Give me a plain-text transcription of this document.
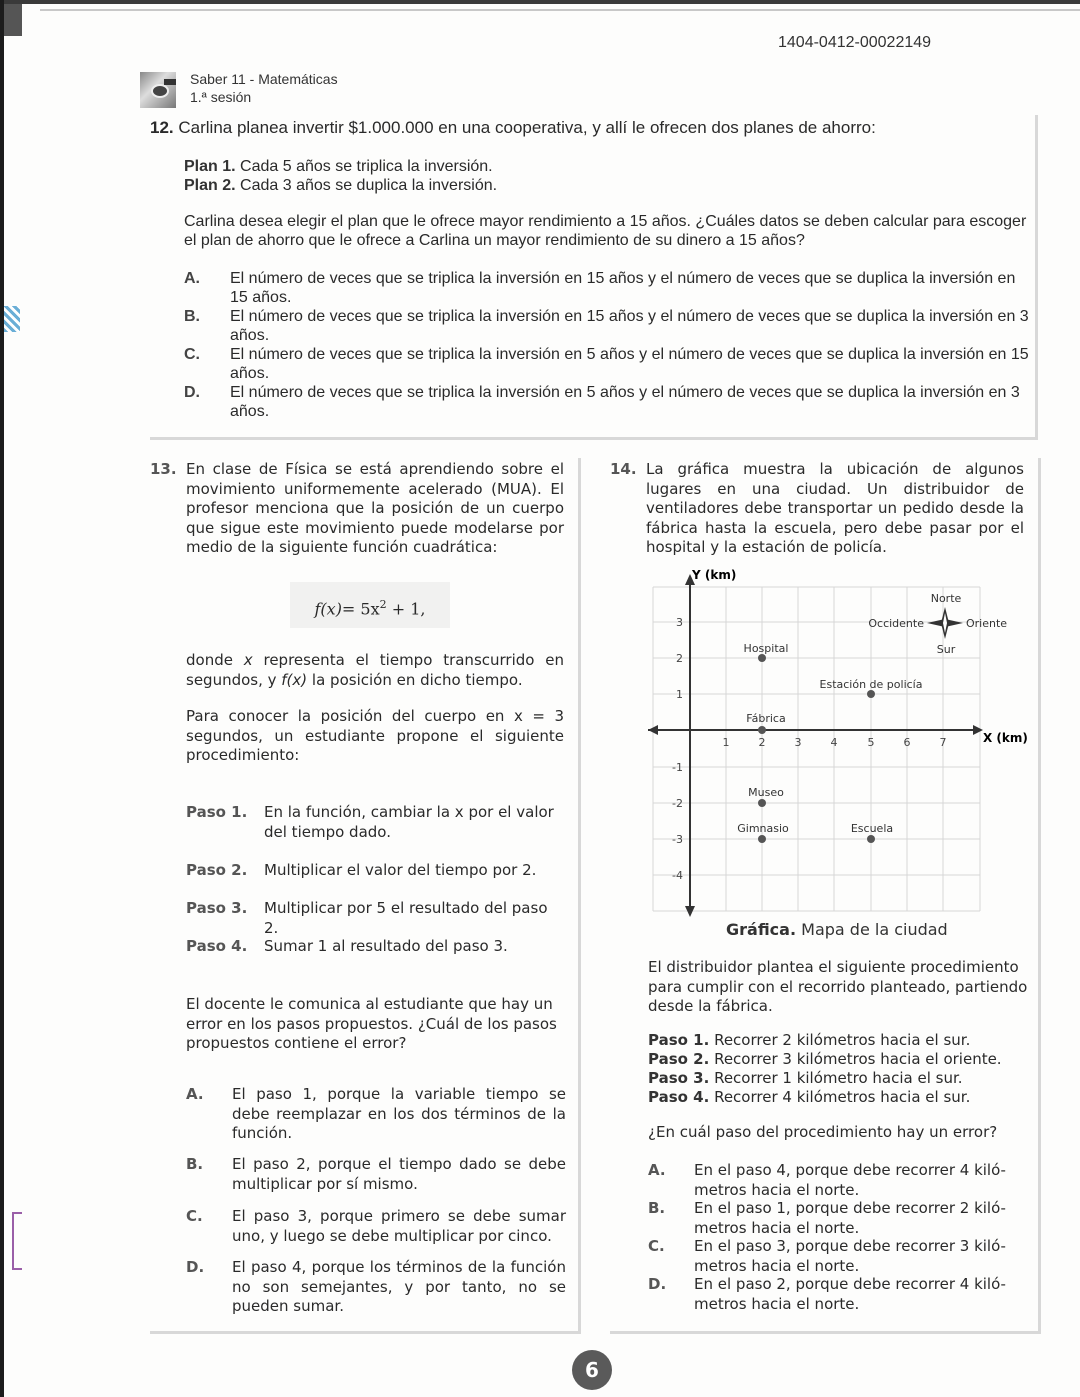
1404-0412-00022149
Saber 11 - Matemáticas
1.ª sesión
12. Carlina planea invertir $1.000.000 en una cooperativa, y allí le ofrecen dos planes de ahorro:
Plan 1. Cada 5 años se triplica la inversión.
Plan 2. Cada 3 años se duplica la inversión.
Carlina desea elegir el plan que le ofrece mayor rendimiento a 15 años. ¿Cuáles datos se deben calcular para escoger el plan de ahorro que le ofrece a Carlina un mayor rendimiento de su dinero a 15 años?
A.	El número de veces que se triplica la inversión en 15 años y el número de veces que se duplica la inversión en 15 años.
B.	El número de veces que se triplica la inversión en 15 años y el número de veces que se duplica la inversión en 3 años.
C.	El número de veces que se triplica la inversión en 5 años y el número de veces que se duplica la inversión en 15 años.
D.	El número de veces que se triplica la inversión en 5 años y el número de veces que se duplica la inversión en 3 años.
13. En clase de Física se está aprendiendo sobre el movimiento uniformemente acelerado (MUA). El profesor menciona que la posición de un cuerpo que sigue este movimiento puede modelarse por medio de la siguiente función cuadrática:
$f(x)= 5x^2 + 1$,
donde x representa el tiempo transcurrido en segundos, y f(x) la posición en dicho tiempo.
Para conocer la posición del cuerpo en x = 3 segundos, un estudiante propone el siguiente procedimiento:
Paso 1.	En la función, cambiar la x por el valor del tiempo dado.
Paso 2.	Multiplicar el valor del tiempo por 2.
Paso 3.	Multiplicar por 5 el resultado del paso 2.
Paso 4.	Sumar 1 al resultado del paso 3.
El docente le comunica al estudiante que hay un error en los pasos propuestos. ¿Cuál de los pasos propuestos contiene el error?
A.	El paso 1, porque la variable tiempo se debe reemplazar en los dos términos de la función.
B.	El paso 2, porque el tiempo dado se debe multiplicar por sí mismo.
C.	El paso 3, porque primero se debe sumar uno, y luego se debe multiplicar por cinco.
D.	El paso 4, porque los términos de la función no son semejantes, y por tanto, no se pueden sumar.
14. La gráfica muestra la ubicación de algunos lugares en una ciudad. Un distribuidor de ventiladores debe transportar un pedido desde la fábrica hasta la escuela, pero debe pasar por el hospital y la estación de policía.
Y (km)
X (km)
1	2	3	4	5	6	7
3
2
1
-1
-2
-3
-4
Hospital
Estación de policía
Fábrica
Museo
Gimnasio	Escuela
Norte
Sur
Oriente
Occidente
Gráfica. Mapa de la ciudad
El distribuidor plantea el siguiente procedimiento para cumplir con el recorrido planteado, partiendo desde la fábrica.
Paso 1. Recorrer 2 kilómetros hacia el sur.
Paso 2. Recorrer 3 kilómetros hacia el oriente.
Paso 3. Recorrer 1 kilómetro hacia el sur.
Paso 4. Recorrer 4 kilómetros hacia el sur.
¿En cuál paso del procedimiento hay un error?
A.	En el paso 4, porque debe recorrer 4 kiló-metros hacia el norte.
B.	En el paso 1, porque debe recorrer 2 kiló-metros hacia el norte.
C.	En el paso 3, porque debe recorrer 3 kiló-metros hacia el norte.
D.	En el paso 2, porque debe recorrer 4 kiló-metros hacia el norte.
6
